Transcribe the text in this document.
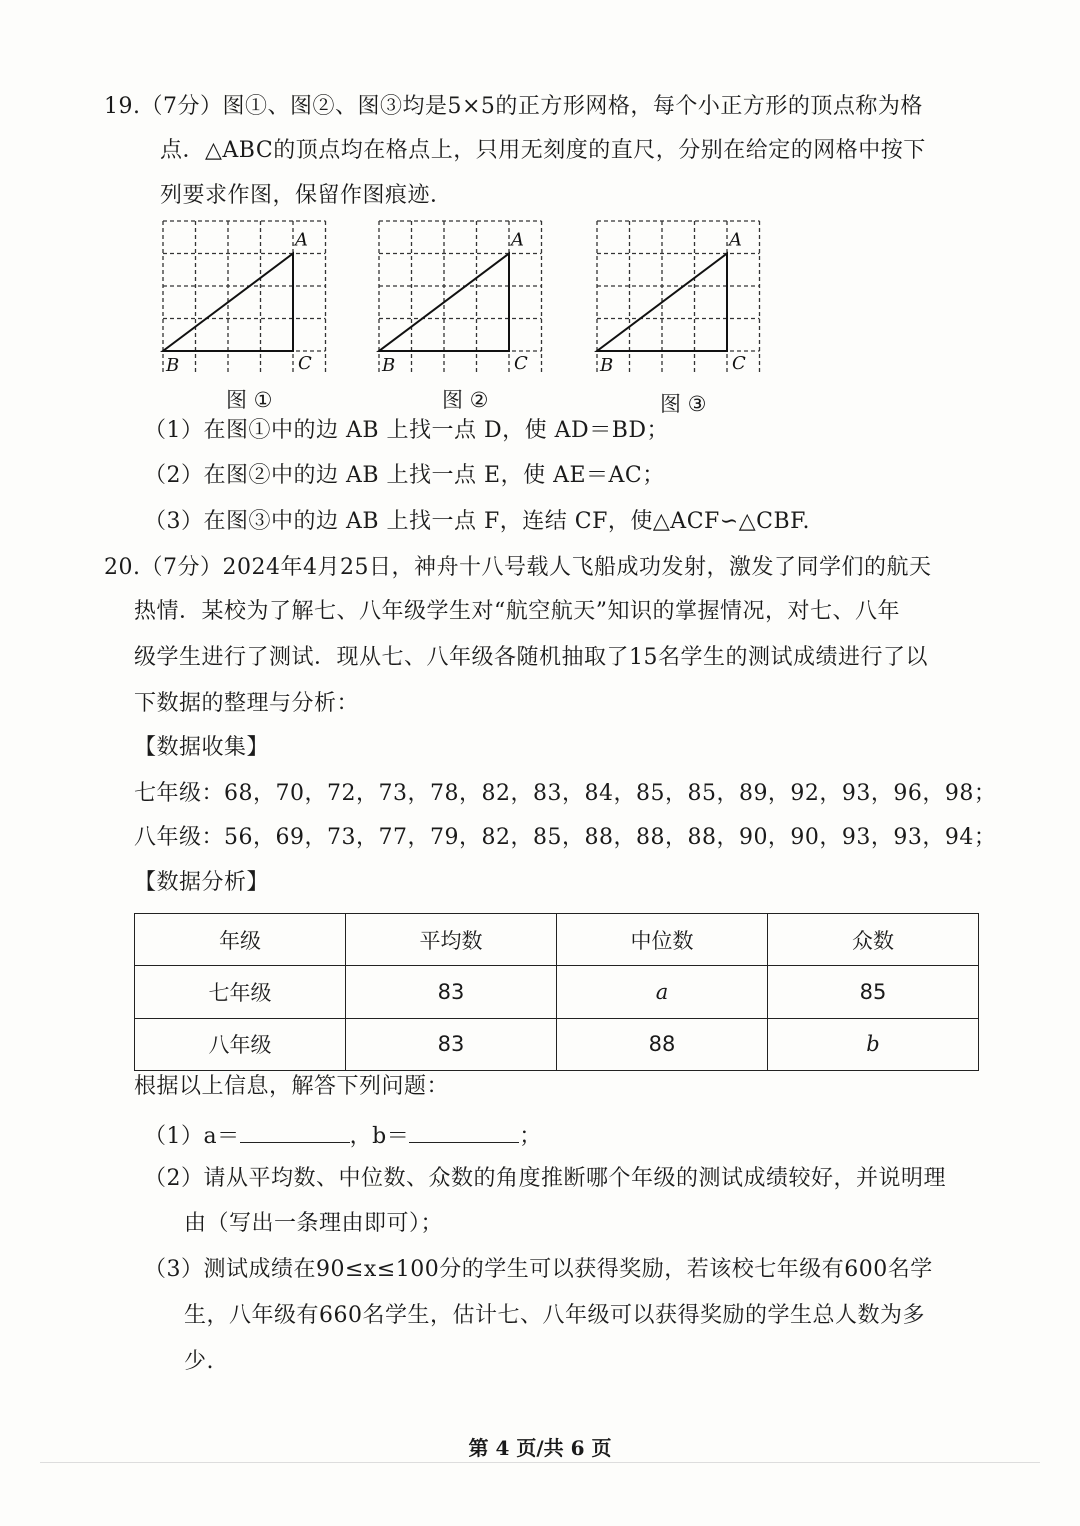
19.（7分）图①、图②、图③均是5×5的正方形网格，每个小正方形的顶点称为格
点．△ABC的顶点均在格点上，只用无刻度的直尺，分别在给定的网格中按下
列要求作图，保留作图痕迹．
A
B	C
A
B	C
A
B	C
图 ①	图 ②	图 ③
（1）在图①中的边 AB 上找一点 D，使 AD＝BD；
（2）在图②中的边 AB 上找一点 E，使 AE＝AC；
（3）在图③中的边 AB 上找一点 F，连结 CF，使△ACF∽△CBF.
20.（7分）2024年4月25日，神舟十八号载人飞船成功发射，激发了同学们的航天
热情．某校为了解七、八年级学生对“航空航天”知识的掌握情况，对七、八年
级学生进行了测试．现从七、八年级各随机抽取了15名学生的测试成绩进行了以
下数据的整理与分析：
【数据收集】
七年级：68，70，72，73，78，82，83，84，85，85，89，92，93，96，98；
八年级：56，69，73，77，79，82，85，88，88，88，90，90，93，93，94；
【数据分析】
年级	平均数	中位数	众数
七年级	83	a	85
八年级	83	88	b
根据以上信息，解答下列问题：
（1）a＝	，b＝	；
（2）请从平均数、中位数、众数的角度推断哪个年级的测试成绩较好，并说明理
由（写出一条理由即可）；
（3）测试成绩在90≤x≤100分的学生可以获得奖励，若该校七年级有600名学
生，八年级有660名学生，估计七、八年级可以获得奖励的学生总人数为多
少.
第 4 页/共 6 页
